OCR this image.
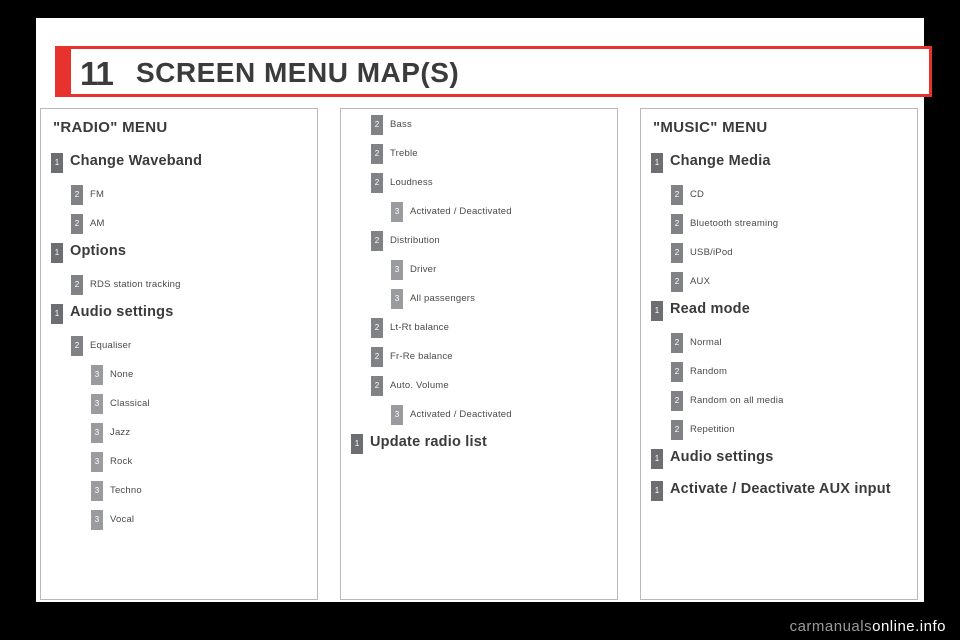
11 SCREEN MENU MAP(S)
"RADIO" MENU
1 Change Waveband
2	FM
2	AM
1 Options
2	RDS station tracking
1 Audio settings
2	Equaliser
3	None
3	Classical
3	Jazz
3	Rock
3	Techno
3	Vocal
2	Bass
2	Treble
2	Loudness
3	Activated / Deactivated
2	Distribution
3	Driver
3	All passengers
2	Lt-Rt balance
2	Fr-Re balance
2	Auto. Volume
3	Activated / Deactivated
1 Update radio list
"MUSIC" MENU
1 Change Media
2	CD
2	Bluetooth streaming
2	USB/iPod
2	AUX
1 Read mode
2	Normal
2	Random
2	Random on all media
2	Repetition
1 Audio settings
1 Activate / Deactivate AUX input
carmanualsonline.info
